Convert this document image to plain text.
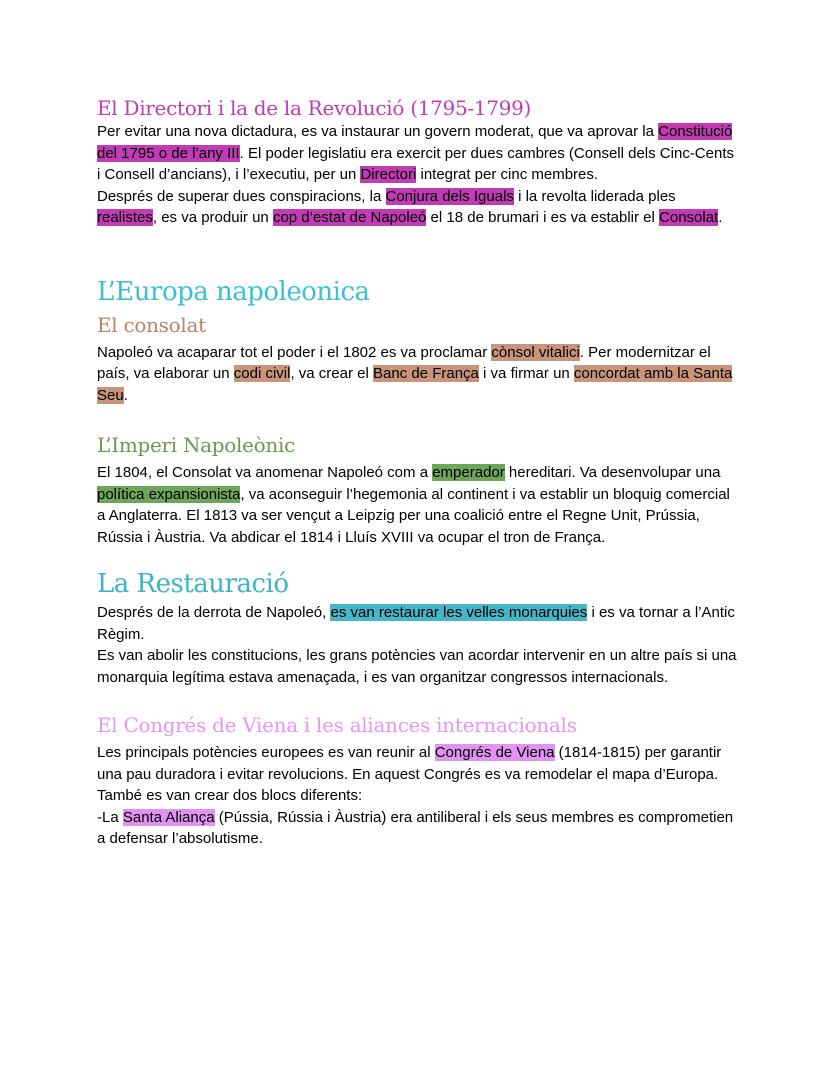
El Directori i la de la Revolució (1795-1799)

Per evitar una nova dictadura, es va instaurar un govern moderat, que va aprovar la Constitució del 1795 o de l’any III. El poder legislatiu era exercit per dues cambres (Consell dels Cinc-Cents i Consell d’ancians), i l’executiu, per un Directori integrat per cinc membres.

Després de superar dues conspiracions, la Conjura dels Iguals i la revolta liderada ples realistes, es va produir un cop d’estat de Napoleó el 18 de brumari i es va establir el Consolat.

L’Europa napoleonica
El consolat

Napoleó va acaparar tot el poder i el 1802 es va proclamar cònsol vitalici. Per modernitzar el país, va elaborar un codi civil, va crear el Banc de França i va firmar un concordat amb la Santa Seu.

L’Imperi Napoleònic

El 1804, el Consolat va anomenar Napoleó com a emperador hereditari. Va desenvolupar una política expansionista, va aconseguir l’hegemonia al continent i va establir un bloquig comercial a Anglaterra. El 1813 va ser vençut a Leipzig per una coalició entre el Regne Unit, Prússia, Rússia i Àustria. Va abdicar el 1814 i Lluís XVIII va ocupar el tron de França.

La Restauració

Després de la derrota de Napoleó, es van restaurar les velles monarquies i es va tornar a l’Antic Règim.

Es van abolir les constitucions, les grans potències van acordar intervenir en un altre país si una monarquia legítima estava amenaçada, i es van organitzar congressos internacionals.

El Congrés de Viena i les aliances internacionals

Les principals potències europees es van reunir al Congrés de Viena (1814-1815) per garantir una pau duradora i evitar revolucions. En aquest Congrés es va remodelar el mapa d’Europa. També es van crear dos blocs diferents:

-La Santa Aliança (Pússia, Rússia i Àustria) era antiliberal i els seus membres es comprometien a defensar l’absolutisme.
